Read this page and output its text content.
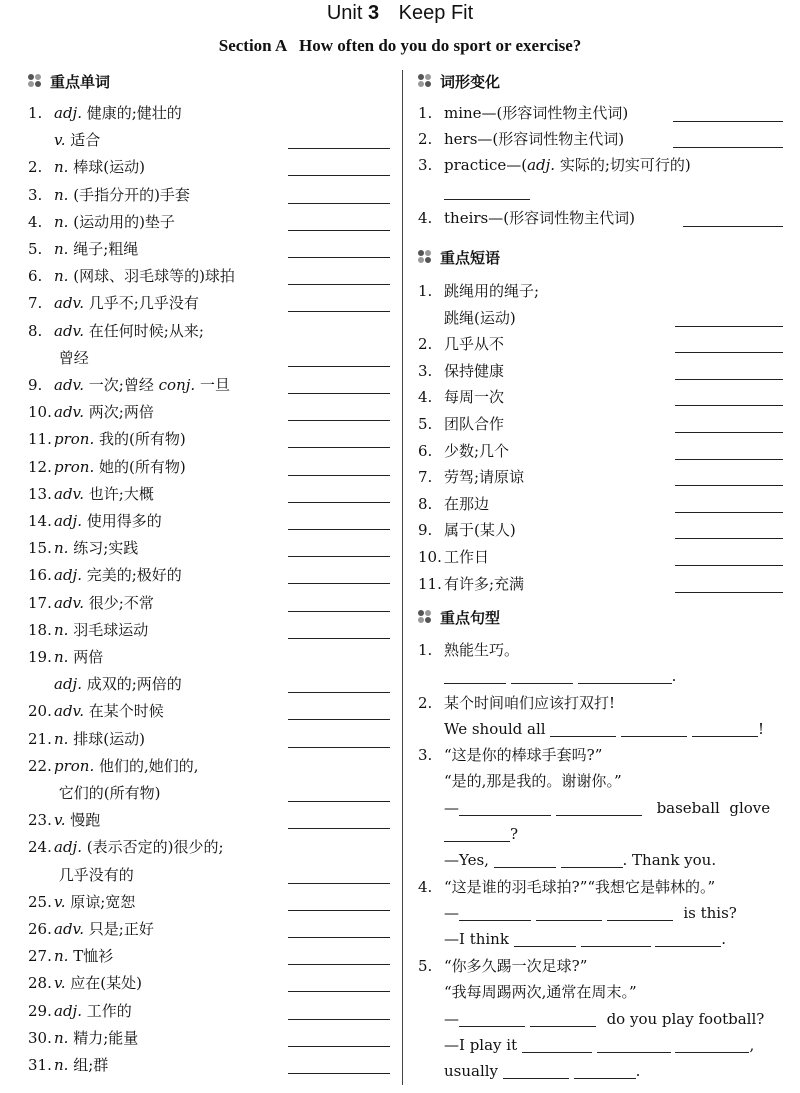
Unit 3 Keep Fit
Section A   How often do you do sport or exercise?
重点单词
1. adj. 健康的;健壮的
v. 适合
2. n. 棒球(运动)
3. n. (手指分开的)手套
4. n. (运动用的)垫子
5. n. 绳子;粗绳
6. n. (网球、羽毛球等的)球拍
7. adv. 几乎不;几乎没有
8. adv. 在任何时候;从来;
曾经
9. adv. 一次;曾经 conj. 一旦
10. adv. 两次;两倍
11. pron. 我的(所有物)
12. pron. 她的(所有物)
13. adv. 也许;大概
14. adj. 使用得多的
15. n. 练习;实践
16. adj. 完美的;极好的
17. adv. 很少;不常
18. n. 羽毛球运动
19. n. 两倍
adj. 成双的;两倍的
20. adv. 在某个时候
21. n. 排球(运动)
22. pron. 他们的,她们的,
它们的(所有物)
23. v. 慢跑
24. adj. (表示否定的)很少的;
几乎没有的
25. v. 原谅;宽恕
26. adv. 只是;正好
27. n. T恤衫
28. v. 应在(某处)
29. adj. 工作的
30. n. 精力;能量
31. n. 组;群
词形变化
1. mine—(形容词性物主代词)
2. hers—(形容词性物主代词)
3. practice—(adj. 实际的;切实可行的)
4. theirs—(形容词性物主代词)
重点短语
1. 跳绳用的绳子;
跳绳(运动)
2. 几乎从不
3. 保持健康
4. 每周一次
5. 团队合作
6. 少数;几个
7. 劳驾;请原谅
8. 在那边
9. 属于(某人)
10. 工作日
11. 有许多;充满
重点句型
1. 熟能生巧。
.
2. 某个时间咱们应该打双打!
We should all	!
3. “这是你的棒球手套吗?”
“是的,那是我的。谢谢你。”
—	baseball  glove
?
—Yes,	. Thank you.
4. “这是谁的羽毛球拍?”“我想它是韩林的。”
—	is this?
—I think	.
5. “你多久踢一次足球?”
“我每周踢两次,通常在周末。”
—	do you play football?
—I play it	,
usually	.
